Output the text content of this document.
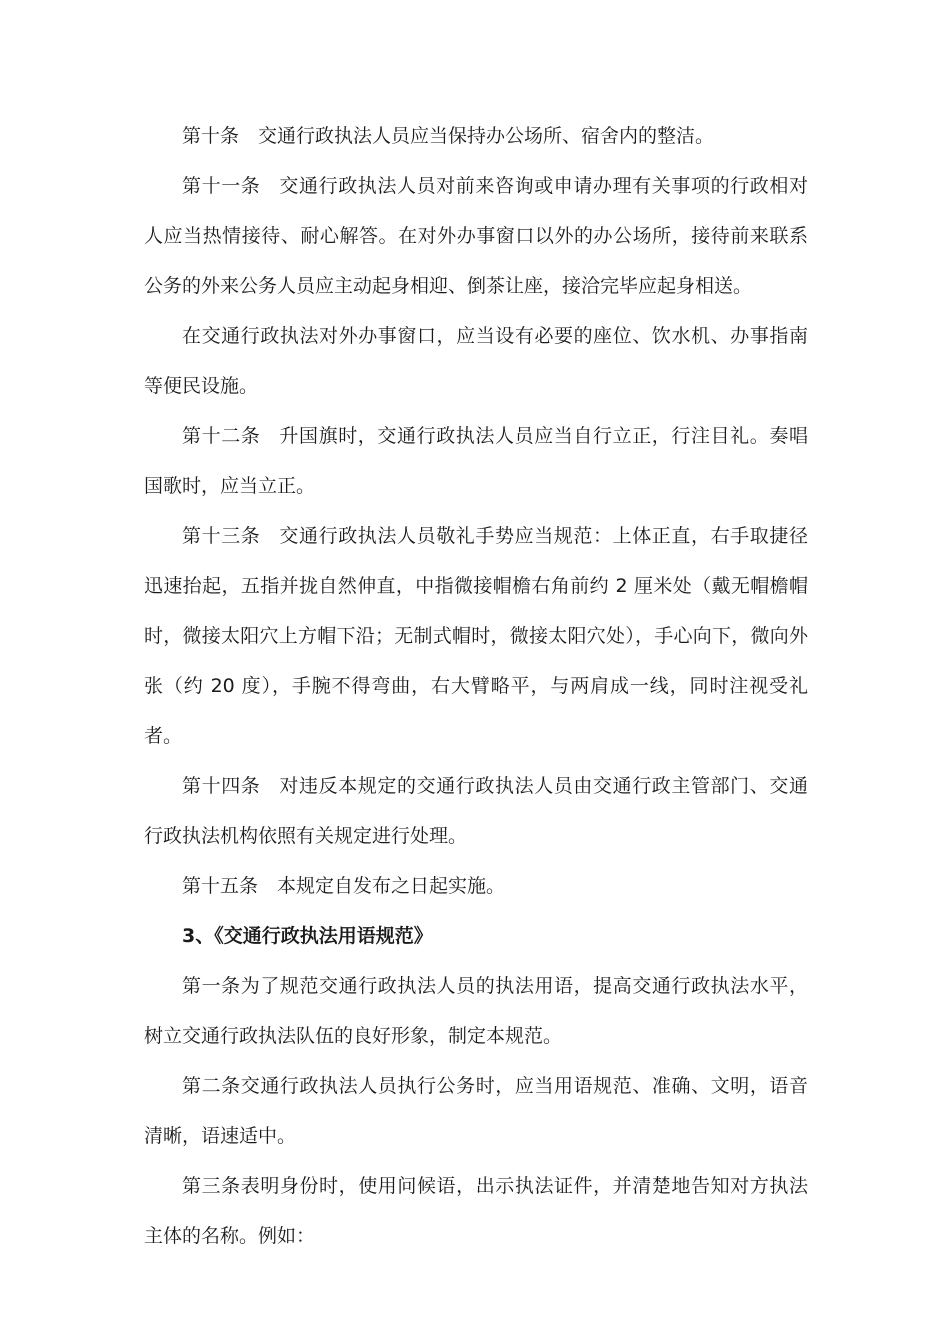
第十条 交通行政执法人员应当保持办公场所、宿舍内的整洁。

第十一条 交通行政执法人员对前来咨询或申请办理有关事项的行政相对人应当热情接待、耐心解答。在对外办事窗口以外的办公场所，接待前来联系公务的外来公务人员应主动起身相迎、倒茶让座，接洽完毕应起身相送。

在交通行政执法对外办事窗口，应当设有必要的座位、饮水机、办事指南等便民设施。

第十二条 升国旗时，交通行政执法人员应当自行立正，行注目礼。奏唱国歌时，应当立正。

第十三条 交通行政执法人员敬礼手势应当规范：上体正直，右手取捷径迅速抬起，五指并拢自然伸直，中指微接帽檐右角前约 2 厘米处（戴无帽檐帽时，微接太阳穴上方帽下沿；无制式帽时，微接太阳穴处），手心向下，微向外张（约 20 度），手腕不得弯曲，右大臂略平，与两肩成一线，同时注视受礼者。

第十四条 对违反本规定的交通行政执法人员由交通行政主管部门、交通行政执法机构依照有关规定进行处理。

第十五条 本规定自发布之日起实施。

3、《交通行政执法用语规范》

第一条为了规范交通行政执法人员的执法用语，提高交通行政执法水平，树立交通行政执法队伍的良好形象，制定本规范。

第二条交通行政执法人员执行公务时，应当用语规范、准确、文明，语音清晰，语速适中。

第三条表明身份时，使用问候语，出示执法证件，并清楚地告知对方执法主体的名称。例如：
